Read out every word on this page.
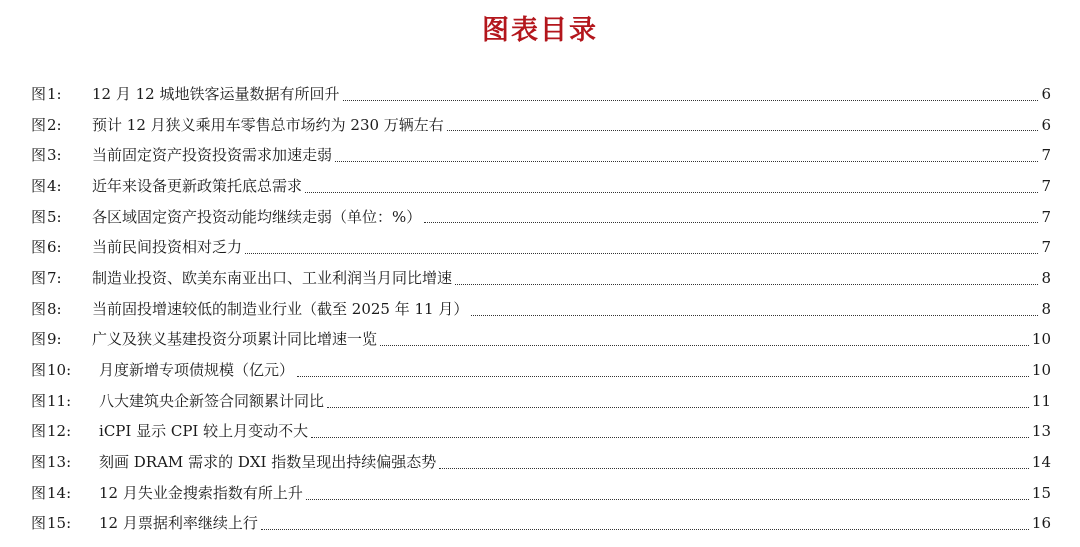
图表目录
图 1:	12 月 12 城地铁客运量数据有所回升	6
图 2:	预计 12 月狭义乘用车零售总市场约为 230 万辆左右	6
图 3:	当前固定资产投资投资需求加速走弱	7
图 4:	近年来设备更新政策托底总需求	7
图 5:	各区域固定资产投资动能均继续走弱（单位：%）	7
图 6:	当前民间投资相对乏力	7
图 7:	制造业投资、欧美东南亚出口、工业利润当月同比增速	8
图 8:	当前固投增速较低的制造业行业（截至 2025 年 11 月）	8
图 9:	广义及狭义基建投资分项累计同比增速一览	10
图 10:	月度新增专项债规模（亿元）	10
图 11:	八大建筑央企新签合同额累计同比	11
图 12:	iCPI 显示 CPI 较上月变动不大	13
图 13:	刻画 DRAM 需求的 DXI 指数呈现出持续偏强态势	14
图 14:	12 月失业金搜索指数有所上升	15
图 15:	12 月票据利率继续上行	16
